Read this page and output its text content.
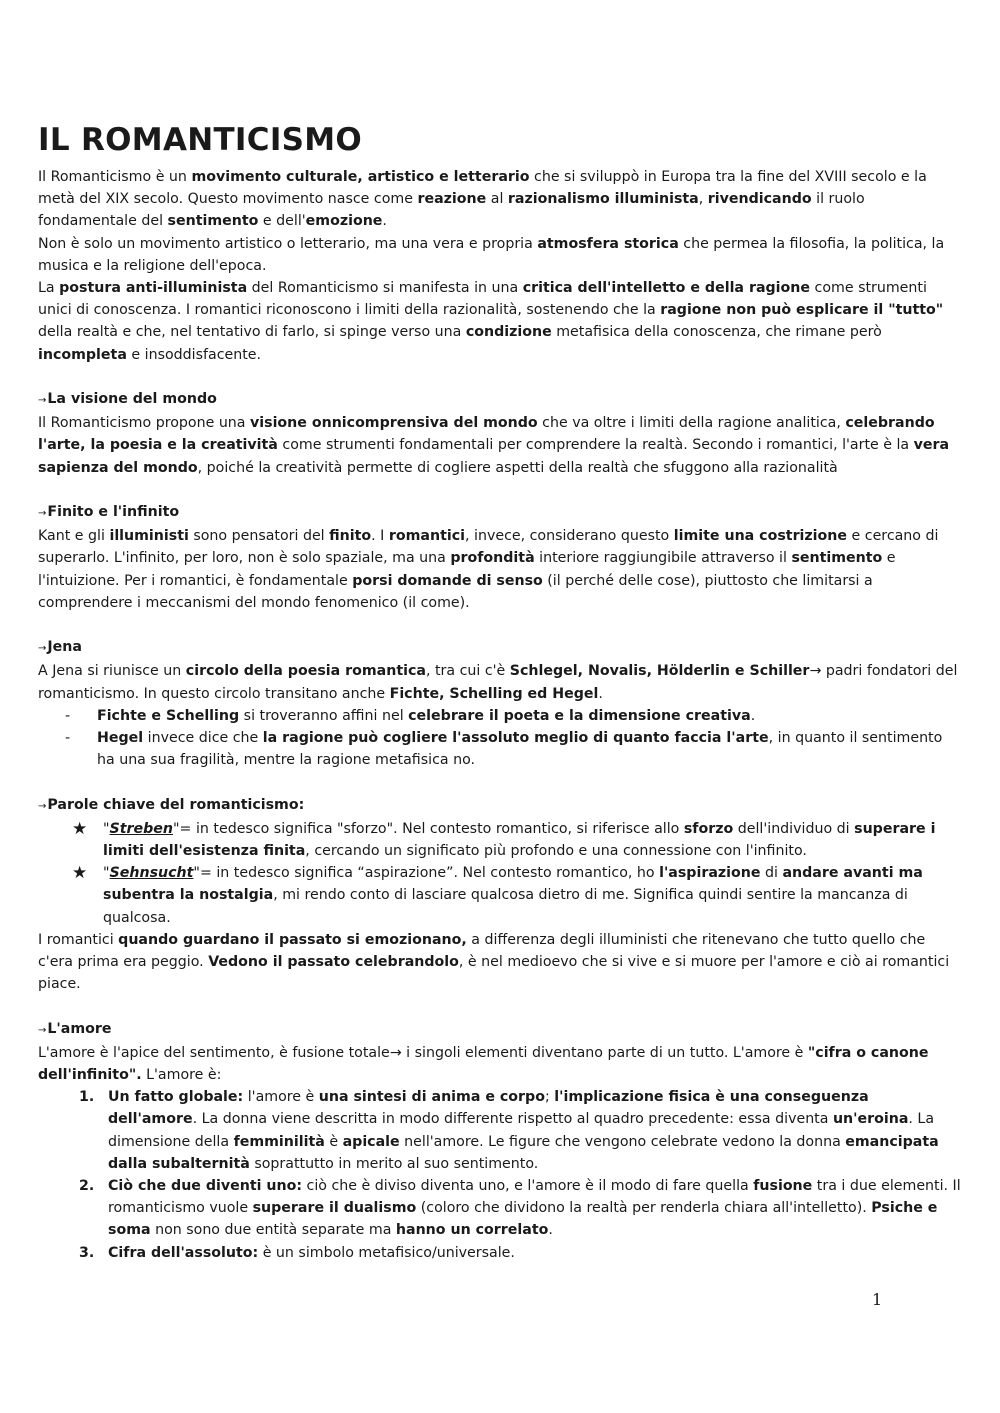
IL ROMANTICISMO

Il Romanticismo è un movimento culturale, artistico e letterario che si sviluppò in Europa tra la fine del XVIII secolo e la metà del XIX secolo. Questo movimento nasce come reazione al razionalismo illuminista, rivendicando il ruolo fondamentale del sentimento e dell'emozione.

Non è solo un movimento artistico o letterario, ma una vera e propria atmosfera storica che permea la filosofia, la politica, la musica e la religione dell'epoca.

La postura anti-illuminista del Romanticismo si manifesta in una critica dell'intelletto e della ragione come strumenti unici di conoscenza. I romantici riconoscono i limiti della razionalità, sostenendo che la ragione non può esplicare il "tutto" della realtà e che, nel tentativo di farlo, si spinge verso una condizione metafisica della conoscenza, che rimane però incompleta e insoddisfacente.

→La visione del mondo

Il Romanticismo propone una visione onnicomprensiva del mondo che va oltre i limiti della ragione analitica, celebrando l'arte, la poesia e la creatività come strumenti fondamentali per comprendere la realtà. Secondo i romantici, l'arte è la vera sapienza del mondo, poiché la creatività permette di cogliere aspetti della realtà che sfuggono alla razionalità

→Finito e l'infinito

Kant e gli illuministi sono pensatori del finito. I romantici, invece, considerano questo limite una costrizione e cercano di superarlo. L'infinito, per loro, non è solo spaziale, ma una profondità interiore raggiungibile attraverso il sentimento e l'intuizione. Per i romantici, è fondamentale porsi domande di senso (il perché delle cose), piuttosto che limitarsi a comprendere i meccanismi del mondo fenomenico (il come).

→Jena

A Jena si riunisce un circolo della poesia romantica, tra cui c'è Schlegel, Novalis, Hölderlin e Schiller→ padri fondatori del romanticismo. In questo circolo transitano anche Fichte, Schelling ed Hegel.

- Fichte e Schelling si troveranno affini nel celebrare il poeta e la dimensione creativa.
- Hegel invece dice che la ragione può cogliere l'assoluto meglio di quanto faccia l'arte, in quanto il sentimento ha una sua fragilità, mentre la ragione metafisica no.

→Parole chiave del romanticismo:

★ "Streben"= in tedesco significa "sforzo". Nel contesto romantico, si riferisce allo sforzo dell'individuo di superare i limiti dell'esistenza finita, cercando un significato più profondo e una connessione con l'infinito.
★ "Sehnsucht"= in tedesco significa “aspirazione”. Nel contesto romantico, ho l'aspirazione di andare avanti ma subentra la nostalgia, mi rendo conto di lasciare qualcosa dietro di me. Significa quindi sentire la mancanza di qualcosa.

I romantici quando guardano il passato si emozionano, a differenza degli illuministi che ritenevano che tutto quello che c'era prima era peggio. Vedono il passato celebrandolo, è nel medioevo che si vive e si muore per l'amore e ciò ai romantici piace.

→L'amore

L'amore è l'apice del sentimento, è fusione totale→ i singoli elementi diventano parte di un tutto. L'amore è "cifra o canone dell'infinito". L'amore è:

1. Un fatto globale: l'amore è una sintesi di anima e corpo; l'implicazione fisica è una conseguenza dell'amore. La donna viene descritta in modo differente rispetto al quadro precedente: essa diventa un'eroina. La dimensione della femminilità è apicale nell'amore. Le figure che vengono celebrate vedono la donna emancipata dalla subalternità soprattutto in merito al suo sentimento.
2. Ciò che due diventi uno: ciò che è diviso diventa uno, e l'amore è il modo di fare quella fusione tra i due elementi. Il romanticismo vuole superare il dualismo (coloro che dividono la realtà per renderla chiara all'intelletto). Psiche e soma non sono due entità separate ma hanno un correlato.
3. Cifra dell'assoluto: è un simbolo metafisico/universale.
1
